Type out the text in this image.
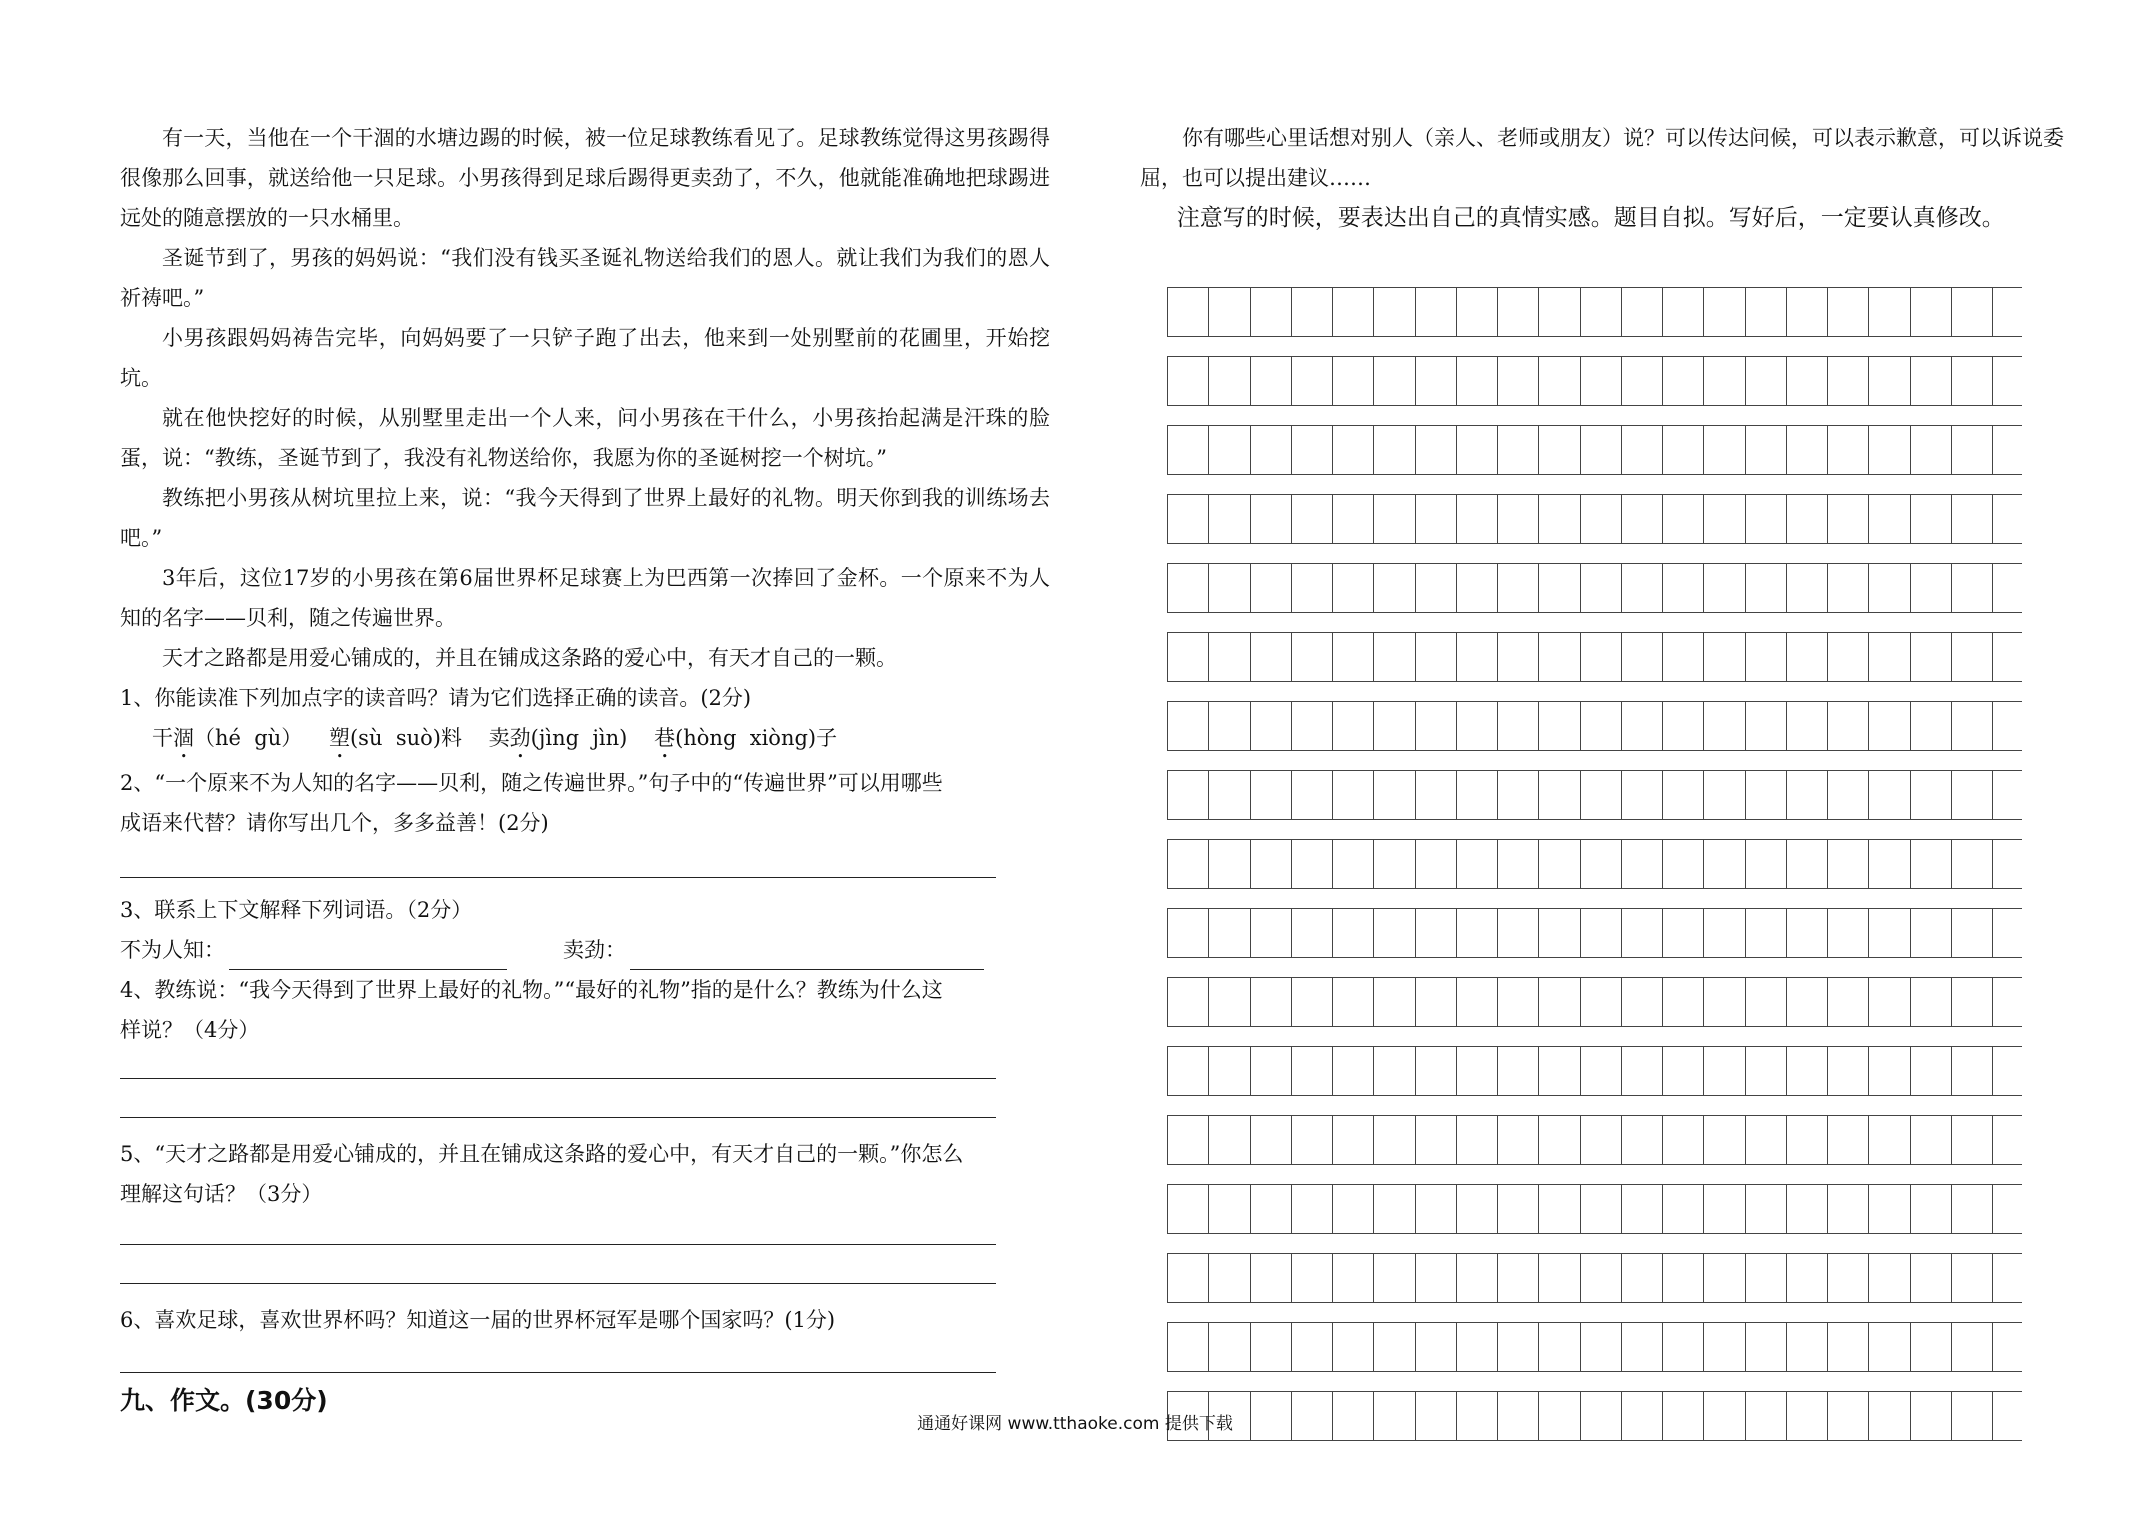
有一天，当他在一个干涸的水塘边踢的时候，被一位足球教练看见了。足球教练觉得这男孩踢得很像那么回事，就送给他一只足球。小男孩得到足球后踢得更卖劲了，不久，他就能准确地把球踢进远处的随意摆放的一只水桶里。

圣诞节到了，男孩的妈妈说：“我们没有钱买圣诞礼物送给我们的恩人。就让我们为我们的恩人祈祷吧。”

小男孩跟妈妈祷告完毕，向妈妈要了一只铲子跑了出去，他来到一处别墅前的花圃里，开始挖坑。

就在他快挖好的时候，从别墅里走出一个人来，问小男孩在干什么，小男孩抬起满是汗珠的脸蛋，说：“教练，圣诞节到了，我没有礼物送给你，我愿为你的圣诞树挖一个树坑。”

教练把小男孩从树坑里拉上来，说：“我今天得到了世界上最好的礼物。明天你到我的训练场去吧。”

3年后，这位17岁的小男孩在第6届世界杯足球赛上为巴西第一次捧回了金杯。一个原来不为人知的名字——贝利，随之传遍世界。

天才之路都是用爱心铺成的，并且在铺成这条路的爱心中，有天才自己的一颗。

1、你能读准下列加点字的读音吗？请为它们选择正确的读音。(2分)

干涸（hé  gù） 塑(sù  suò)料 卖劲(jìng  jìn) 巷(hòng  xiòng)子

2、“一个原来不为人知的名字——贝利，随之传遍世界。”句子中的“传遍世界”可以用哪些

成语来代替？请你写出几个，多多益善！(2分)

3、联系上下文解释下列词语。（2分）

不为人知：	卖劲：

4、教练说：“我今天得到了世界上最好的礼物。”“最好的礼物”指的是什么？教练为什么这

样说？（4分）

5、“天才之路都是用爱心铺成的，并且在铺成这条路的爱心中，有天才自己的一颗。”你怎么

理解这句话？（3分）

6、喜欢足球，喜欢世界杯吗？知道这一届的世界杯冠军是哪个国家吗？(1分)

九、作文。(30分)

你有哪些心里话想对别人（亲人、老师或朋友）说？可以传达问候，可以表示歉意，可以诉说委屈，也可以提出建议……

注意写的时候，要表达出自己的真情实感。题目自拟。写好后，一定要认真修改。

通通好课网 www.tthaoke.com 提供下载
